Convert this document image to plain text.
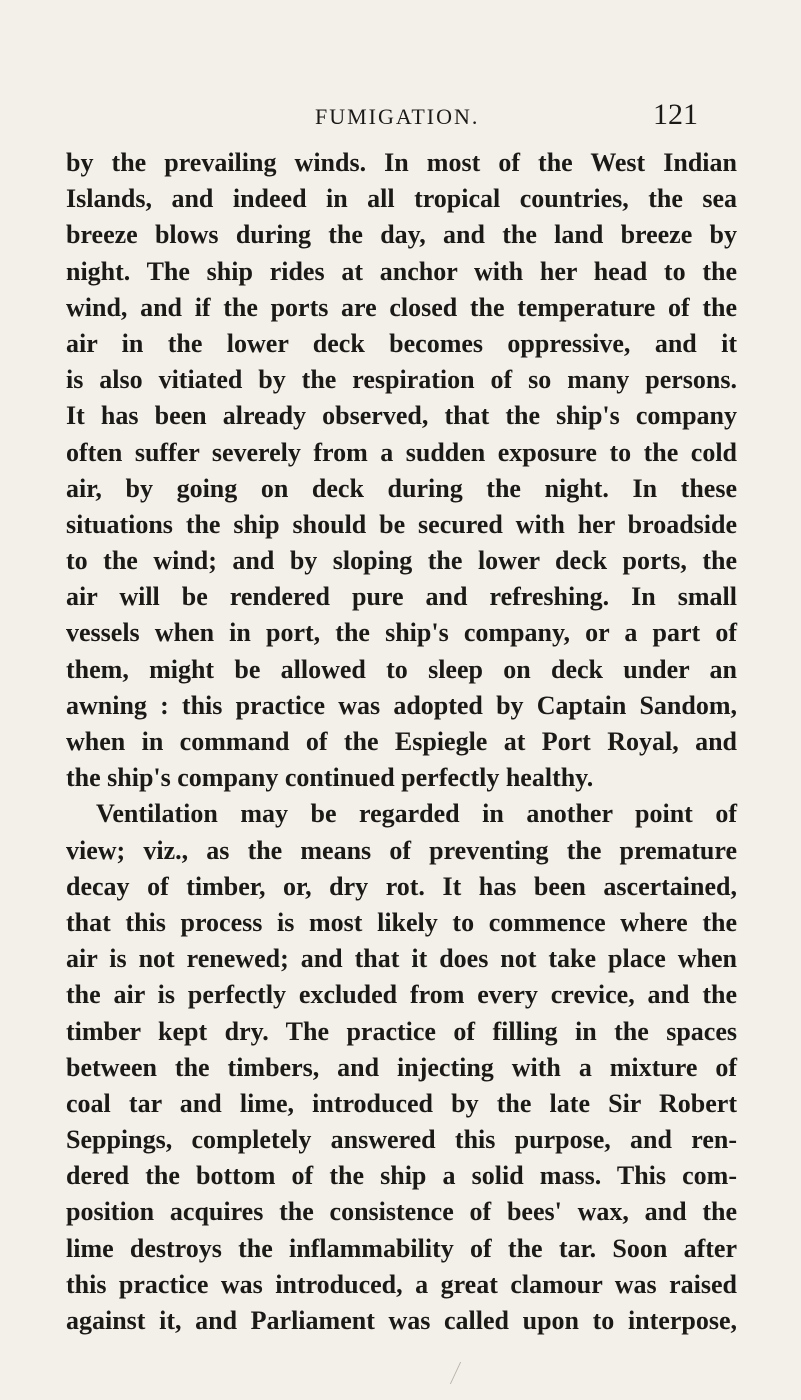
FUMIGATION.	121
by the prevailing winds. In most of the West Indian
Islands, and indeed in all tropical countries, the sea
breeze blows during the day, and the land breeze by
night. The ship rides at anchor with her head to the
wind, and if the ports are closed the temperature of the
air in the lower deck becomes oppressive, and it
is also vitiated by the respiration of so many persons.
It has been already observed, that the ship's company
often suffer severely from a sudden exposure to the cold
air, by going on deck during the night. In these
situations the ship should be secured with her broadside
to the wind; and by sloping the lower deck ports, the
air will be rendered pure and refreshing. In small
vessels when in port, the ship's company, or a part of
them, might be allowed to sleep on deck under an
awning : this practice was adopted by Captain Sandom,
when in command of the Espiegle at Port Royal, and
the ship's company continued perfectly healthy.
Ventilation may be regarded in another point of
view; viz., as the means of preventing the premature
decay of timber, or, dry rot. It has been ascertained,
that this process is most likely to commence where the
air is not renewed; and that it does not take place when
the air is perfectly excluded from every crevice, and the
timber kept dry. The practice of filling in the spaces
between the timbers, and injecting with a mixture of
coal tar and lime, introduced by the late Sir Robert
Seppings, completely answered this purpose, and ren-
dered the bottom of the ship a solid mass. This com-
position acquires the consistence of bees' wax, and the
lime destroys the inflammability of the tar. Soon after
this practice was introduced, a great clamour was raised
against it, and Parliament was called upon to interpose,
